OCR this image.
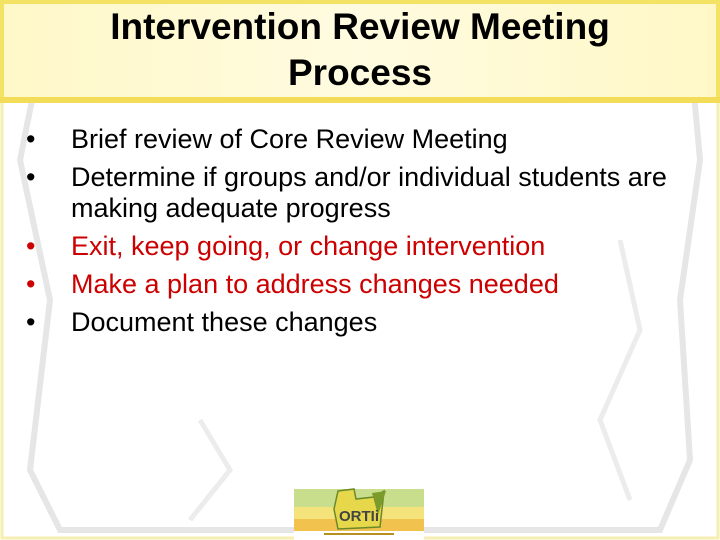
Intervention Review Meeting Process
• Brief review of Core Review Meeting
• Determine if groups and/or individual students are making adequate progress
• Exit, keep going, or change intervention
• Make a plan to address changes needed
• Document these changes
ORTIi
